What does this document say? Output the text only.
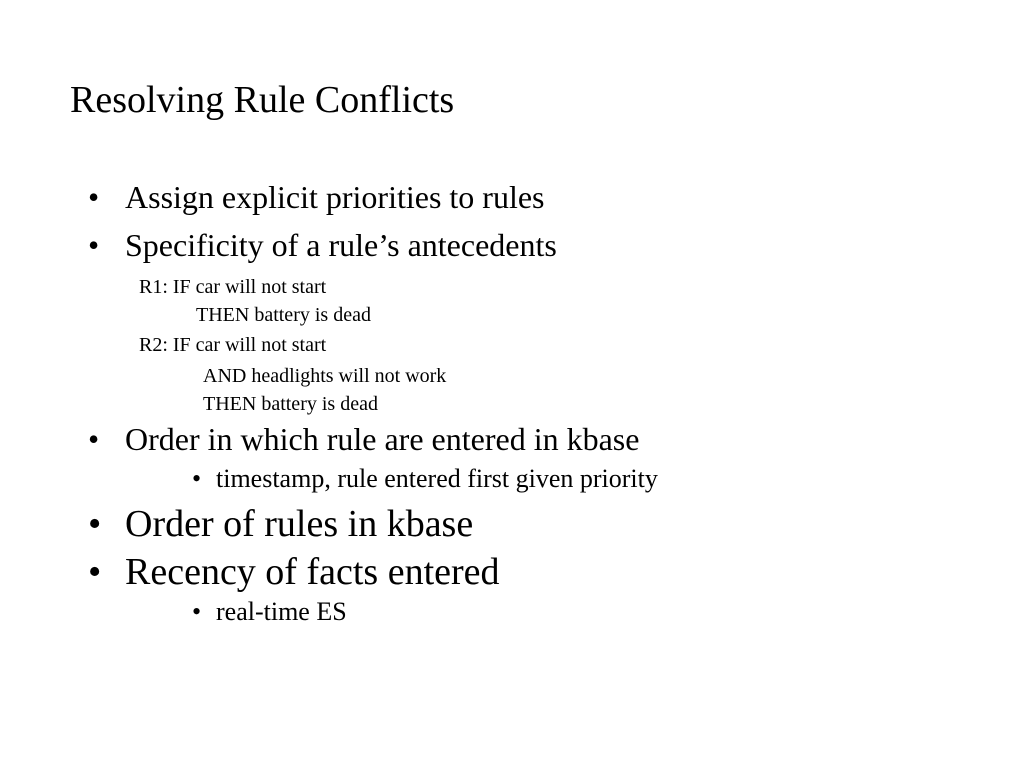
Resolving Rule Conflicts
• Assign explicit priorities to rules
• Specificity of a rule’s antecedents
R1: IF car will not start
THEN battery is dead
R2: IF car will not start
AND headlights will not work
THEN battery is dead
• Order in which rule are entered in kbase
• timestamp, rule entered first given priority
• Order of rules in kbase
• Recency of facts entered
• real-time ES
